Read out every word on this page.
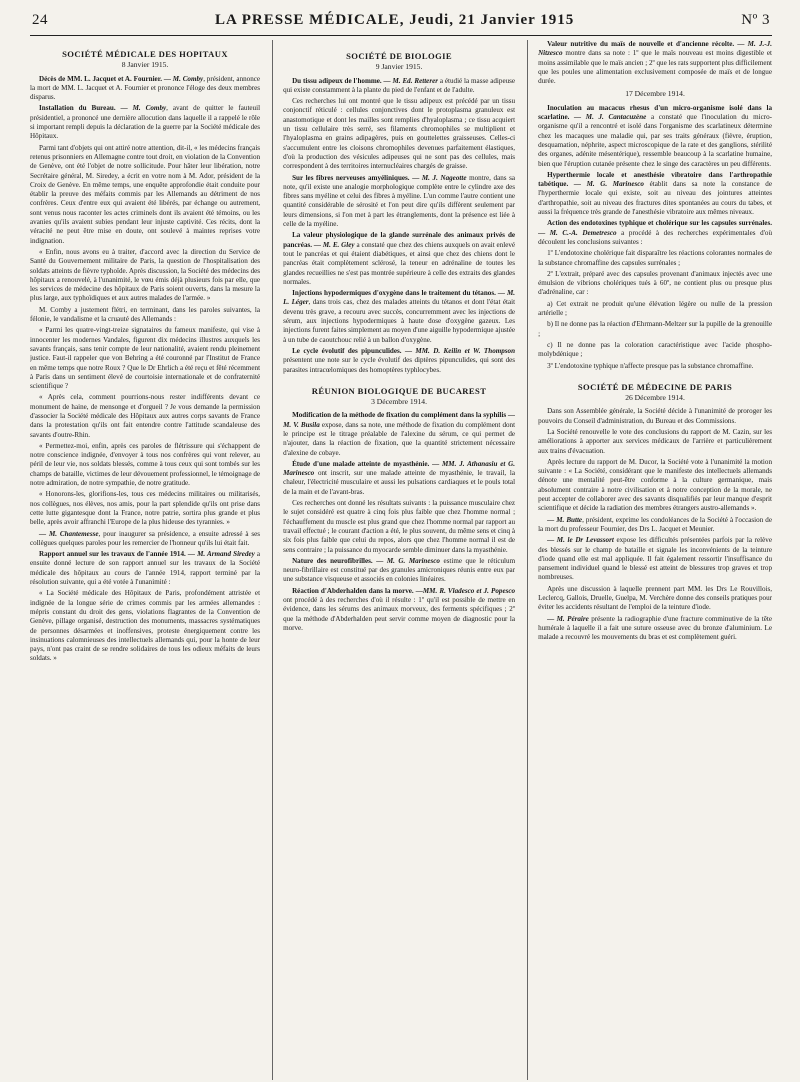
24	LA PRESSE MÉDICALE, Jeudi, 21 Janvier 1915	Nº 3
SOCIÉTÉ MÉDICALE DES HOPITAUX
8 Janvier 1915.

Décès de MM. L. Jacquet et A. Fournier. — M. Comby, président, annonce la mort de MM. L. Jacquet et A. Fournier et prononce l'éloge des deux membres disparus.

Installation du Bureau. — M. Comby, avant de quitter le fauteuil présidentiel, a prononcé une dernière allocution dans laquelle il a rappelé le rôle si important rempli depuis la déclaration de la guerre par la Société médicale des Hôpitaux.

Parmi tant d'objets qui ont attiré notre attention, dit-il, « les médecins français retenus prisonniers en Allemagne contre tout droit, en violation de la Convention de Genève, ont été l'objet de notre sollicitude. Pour hâter leur libération, notre Secrétaire général, M. Siredey, a écrit en votre nom à M. Ador, président de la Croix de Genève. En même temps, une enquête approfondie était conduite pour établir la preuve des méfaits commis par les Allemands au détriment de nos confrères. Ceux d'entre eux qui avaient été libérés, par échange ou autrement, sont venus nous raconter les actes criminels dont ils avaient été témoins, ou les avanies qu'ils avaient subies pendant leur injuste captivité. Ces récits, dont la véracité ne peut être mise en doute, ont soulevé à maintes reprises votre indignation.

« Enfin, nous avons eu à traiter, d'accord avec la direction du Service de Santé du Gouvernement militaire de Paris, la question de l'hospitalisation des soldats atteints de fièvre typhoïde. Après discussion, la Société des médecins des hôpitaux a renouvelé, à l'unanimité, le vœu émis déjà plusieurs fois par elle, que les services de médecine des hôpitaux de Paris soient ouverts, dans la mesure la plus large, aux typhoïdiques et aux autres malades de l'armée. »

M. Comby a justement flétri, en terminant, dans les paroles suivantes, la félonie, le vandalisme et la cruauté des Allemands :

« Parmi les quatre-vingt-treize signataires du fameux manifeste, qui vise à innocenter les modernes Vandales, figurent dix médecins illustres auxquels les savants français, sans tenir compte de leur nationalité, avaient rendu pleinement justice. Faut-il rappeler que von Behring a été couronné par l'Institut de France en même temps que notre Roux ? Que le Dr Ehrlich a été reçu et fêté récemment à Paris dans un sentiment élevé de courtoisie internationale et de confraternité scientifique ?

« Après cela, comment pourrions-nous rester indifférents devant ce monument de haine, de mensonge et d'orgueil ? Je vous demande la permission d'associer la Société médicale des Hôpitaux aux autres corps savants de France dans la protestation qu'ils ont fait entendre contre l'attitude scandaleuse des savants d'outre-Rhin.

« Permettez-moi, enfin, après ces paroles de flétrissure qui s'échappent de notre conscience indignée, d'envoyer à tous nos confrères qui vont relever, au péril de leur vie, nos soldats blessés, comme à tous ceux qui sont tombés sur les champs de bataille, victimes de leur dévouement professionnel, le témoignage de notre admiration, de notre sympathie, de notre gratitude.

« Honorons-les, glorifions-les, tous ces médecins militaires ou militarisés, nos collègues, nos élèves, nos amis, pour la part splendide qu'ils ont prise dans cette lutte gigantesque dont la France, notre patrie, sortira plus grande et plus belle, après avoir affranchi l'Europe de la plus hideuse des tyrannies. »

— M. Chantemesse, pour inaugurer sa présidence, a ensuite adressé à ses collègues quelques paroles pour les remercier de l'honneur qu'ils lui était fait.

Rapport annuel sur les travaux de l'année 1914. — M. Armand Siredey a ensuite donné lecture de son rapport annuel sur les travaux de la Société médicale des hôpitaux au cours de l'année 1914, rapport terminé par la résolution suivante, qui a été votée à l'unanimité :

« La Société médicale des Hôpitaux de Paris, profondément attristée et indignée de la longue série de crimes commis par les armées allemandes : mépris constant du droit des gens, violations flagrantes de la Convention de Genève, pillage organisé, destruction des monuments, massacres systématiques de personnes désarmées et inoffensives, proteste énergiquement contre les insinuations calomnieuses des intellectuels allemands qui, pour la honte de leur pays, n'ont pas craint de se rendre solidaires de tous les odieux méfaits de leurs soldats. »

SOCIÉTÉ DE BIOLOGIE
9 Janvier 1915.

Du tissu adipeux de l'homme. — M. Ed. Retterer a étudié la masse adipeuse qui existe constamment à la plante du pied de l'enfant et de l'adulte.

Ces recherches lui ont montré que le tissu adipeux est précédé par un tissu conjonctif réticulé : cellules conjonctives dont le protoplasma granuleux est anastomotique et dont les mailles sont remplies d'hyaloplasma ; ce tissu acquiert un tissu cellulaire très serré, ses filaments chromophiles se multiplient et l'hyaloplasma en grains adipagères, puis en gouttelettes graisseuses. Celles-ci s'accumulent entre les cloisons chromophiles devenues parfaitement élastiques, d'où la production des vésicules adipeuses qui ne sont pas des cellules, mais correspondent à des territoires internucléaires chargés de graisse.

Sur les fibres nerveuses amyéliniques. — M. J. Nageotte montre, dans sa note, qu'il existe une analogie morphologique complète entre le cylindre axe des fibres sans myéline et celui des fibres à myéline. L'un comme l'autre contient une quantité considérable de sérosité et l'on peut dire qu'ils diffèrent seulement par leurs dimensions, si l'on met à part les étranglements, dont la présence est liée à celle de la myéline.

La valeur physiologique de la glande surrénale des animaux privés de pancréas. — M. E. Gley a constaté que chez des chiens auxquels on avait enlevé tout le pancréas et qui étaient diabétiques, et ainsi que chez des chiens dont le pancréas était complètement sclérosé, la teneur en adrénaline de toutes les glandes recueillies ne s'est pas montrée supérieure à celle des extraits des glandes normales.

Injections hypodermiques d'oxygène dans le traitement du tétanos. — M. L. Léger, dans trois cas, chez des malades atteints du tétanos et dont l'état était devenu très grave, a recouru avec succès, concurremment avec les injections de sérum, aux injections hypodermiques à haute dose d'oxygène gazeux. Les injections furent faites simplement au moyen d'une aiguille hypodermique ajustée à un tube de caoutchouc relié à un ballon d'oxygène.

Le cycle évolutif des pipunculides. — MM. D. Keilin et W. Thompson présentent une note sur le cycle évolutif des diptères pipunculides, qui sont des parasites intracœlomiques des homoptères typhlocybes.

RÉUNION BIOLOGIQUE DE BUCAREST
3 Décembre 1914.

Modification de la méthode de fixation du complément dans la syphilis — M. V. Busila expose, dans sa note, une méthode de fixation du complément dont le principe est le titrage préalable de l'alexine du sérum, ce qui permet de n'ajouter, dans la réaction de fixation, que la quantité strictement nécessaire d'alexine de cobaye.

Étude d'une malade atteinte de myasthénie. — MM. J. Athanasiu et G. Marinesco ont inscrit, sur une malade atteinte de myasthénie, le travail, la chaleur, l'électricité musculaire et aussi les pulsations cardiaques et le pouls total de la main et de l'avant-bras.

Ces recherches ont donné les résultats suivants : la puissance musculaire chez le sujet considéré est quatre à cinq fois plus faible que chez l'homme normal ; l'échauffement du muscle est plus grand que chez l'homme normal par rapport au travail effectué ; le courant d'action a été, le plus souvent, du même sens et cinq à six fois plus faible que celui du repos, alors que chez l'homme normal il est de sens contraire ; la puissance du myocarde semble diminuer dans la myasthénie.

Nature des neurofibrilles. — M. G. Marinesco estime que le réticulum neuro-fibrillaire est constitué par des granules amicroniques réunis entre eux par une substance visqueuse et associés en colonies linéaires.

Réaction d'Abderhalden dans la morve. —MM. R. Vladesco et J. Popesco ont procédé à des recherches d'où il résulte : 1º qu'il est possible de mettre en évidence, dans les sérums des animaux morveux, des ferments spécifiques ; 2º que la méthode d'Abderhalden peut servir comme moyen de diagnostic pour la morve.

Valeur nutritive du maïs de nouvelle et d'ancienne récolte. — M. J.-J. Nitzesco montre dans sa note : 1º que le maïs nouveau est moins digestible et moins assimilable que le maïs ancien ; 2º que les rats supportent plus difficilement que les poules une alimentation exclusivement composée de maïs et de longue durée.

17 Décembre 1914.

Inoculation au macacus rhesus d'un micro-organisme isolé dans la scarlatine. — M. J. Cantacuzène a constaté que l'inoculation du micro-organisme qu'il a rencontré et isolé dans l'organisme des scarlatineux détermine chez les macaques une maladie qui, par ses traits généraux (fièvre, éruption, desquamation, néphrite, aspect microscopique de la rate et des ganglions, stérilité des organes, adénite mésentérique), ressemble beaucoup à la scarlatine humaine, bien que l'éruption cutanée présente chez le singe des caractères un peu différents.

Hyperthermie locale et anesthésie vibratoire dans l'arthropathie tabétique. — M. G. Marinesco établit dans sa note la constance de l'hyperthermie locale qui existe, soit au niveau des jointures atteintes d'arthropathie, soit au niveau des fractures dites spontanées au cours du tabes, et aussi la fréquence très grande de l'anesthésie vibratoire aux mêmes niveaux.

Action des endotoxines typhique et cholérique sur les capsules surrénales. — M. C.-A. Demetresco a procédé à des recherches expérimentales d'où découlent les conclusions suivantes :

1º L'endotoxine cholérique fait disparaître les réactions colorantes normales de la substance chromaffine des capsules surrénales ;

2º L'extrait, préparé avec des capsules provenant d'animaux injectés avec une émulsion de vibrions cholériques tués à 60º, ne contient plus ou presque plus d'adrénaline, car :

a) Cet extrait ne produit qu'une élévation légère ou nulle de la pression artérielle ;

b) Il ne donne pas la réaction d'Ehrmann-Meltzer sur la pupille de la grenouille ;

c) Il ne donne pas la coloration caractéristique avec l'acide phospho-molybdénique ;

3º L'endotoxine typhique n'affecte presque pas la substance chromaffine.

SOCIÉTÉ DE MÉDECINE DE PARIS
26 Décembre 1914.

Dans son Assemblée générale, la Société décide à l'unanimité de proroger les pouvoirs du Conseil d'administration, du Bureau et des Commissions.

La Société renouvelle le vote des conclusions du rapport de M. Cazin, sur les améliorations à apporter aux services médicaux de l'arrière et particulièrement aux trains d'évacuation.

Après lecture du rapport de M. Ducor, la Société vote à l'unanimité la motion suivante : « La Société, considérant que le manifeste des intellectuels allemands dénote une mentalité peut-être conforme à la culture germanique, mais absolument contraire à notre civilisation et à notre conception de la morale, ne peut accepter de collaborer avec des savants disqualifiés par leur manque d'esprit scientifique et décide la radiation des membres étrangers austro-allemands ».

— M. Butte, président, exprime les condoléances de la Société à l'occasion de la mort du professeur Fournier, des Drs L. Jacquet et Meunier.

— M. le Dr Levassort expose les difficultés présentées parfois par la relève des blessés sur le champ de bataille et signale les inconvénients de la teinture d'iode quand elle est mal appliquée. Il fait également ressortir l'insuffisance du pansement individuel quand le blessé est atteint de blessures trop graves et trop nombreuses.

Après une discussion à laquelle prennent part MM. les Drs Le Rouvillois, Leclercq, Gallois, Druelle, Guelpa, M. Verchère donne des conseils pratiques pour éviter les accidents résultant de l'emploi de la teinture d'iode.

— M. Péraire présente la radiographie d'une fracture comminutive de la tête humérale à laquelle il a fait une suture osseuse avec du bronze d'aluminium. Le malade a recouvré les mouvements du bras et est complètement guéri.
